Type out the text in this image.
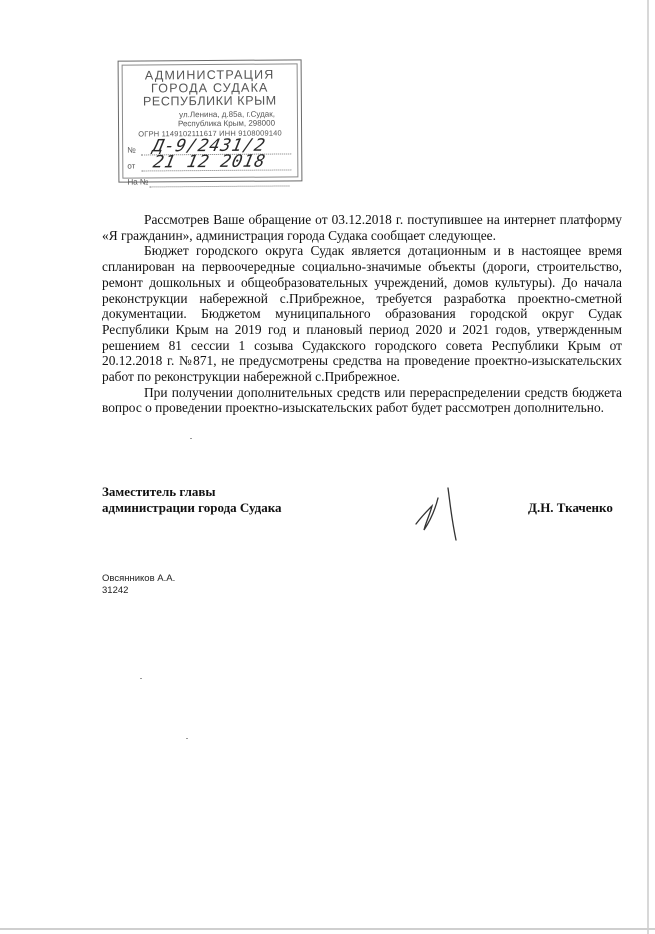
АДМИНИСТРАЦИЯ
ГОРОДА СУДАКА
РЕСПУБЛИКИ КРЫМ
ул.Ленина, д.85а, г.Судак,
Республика Крым, 298000
ОГРН 1149102111617 ИНН 9108009140
№ Д-9/2431/2
от 21 12 2018
На №

Рассмотрев Ваше обращение от 03.12.2018 г. поступившее на интернет платформу «Я гражданин», администрация города Судака сообщает следующее.

Бюджет городского округа Судак является дотационным и в настоящее время спланирован на первоочередные социально-значимые объекты (дороги, строительство, ремонт дошкольных и общеобразовательных учреждений, домов культуры). До начала реконструкции набережной с.Прибрежное, требуется разработка проектно-сметной документации. Бюджетом муниципального образования городской округ Судак Республики Крым на 2019 год и плановый период 2020 и 2021 годов, утвержденным решением 81 сессии 1 созыва Судакского городского совета Республики Крым от 20.12.2018 г. №871, не предусмотрены средства на проведение проектно-изыскательских работ по реконструкции набережной с.Прибрежное.

При получении дополнительных средств или перераспределении средств бюджета вопрос о проведении проектно-изыскательских работ будет рассмотрен дополнительно.

Заместитель главы
администрации города Судака	Д.Н. Ткаченко
Овсянников А.А.
31242
